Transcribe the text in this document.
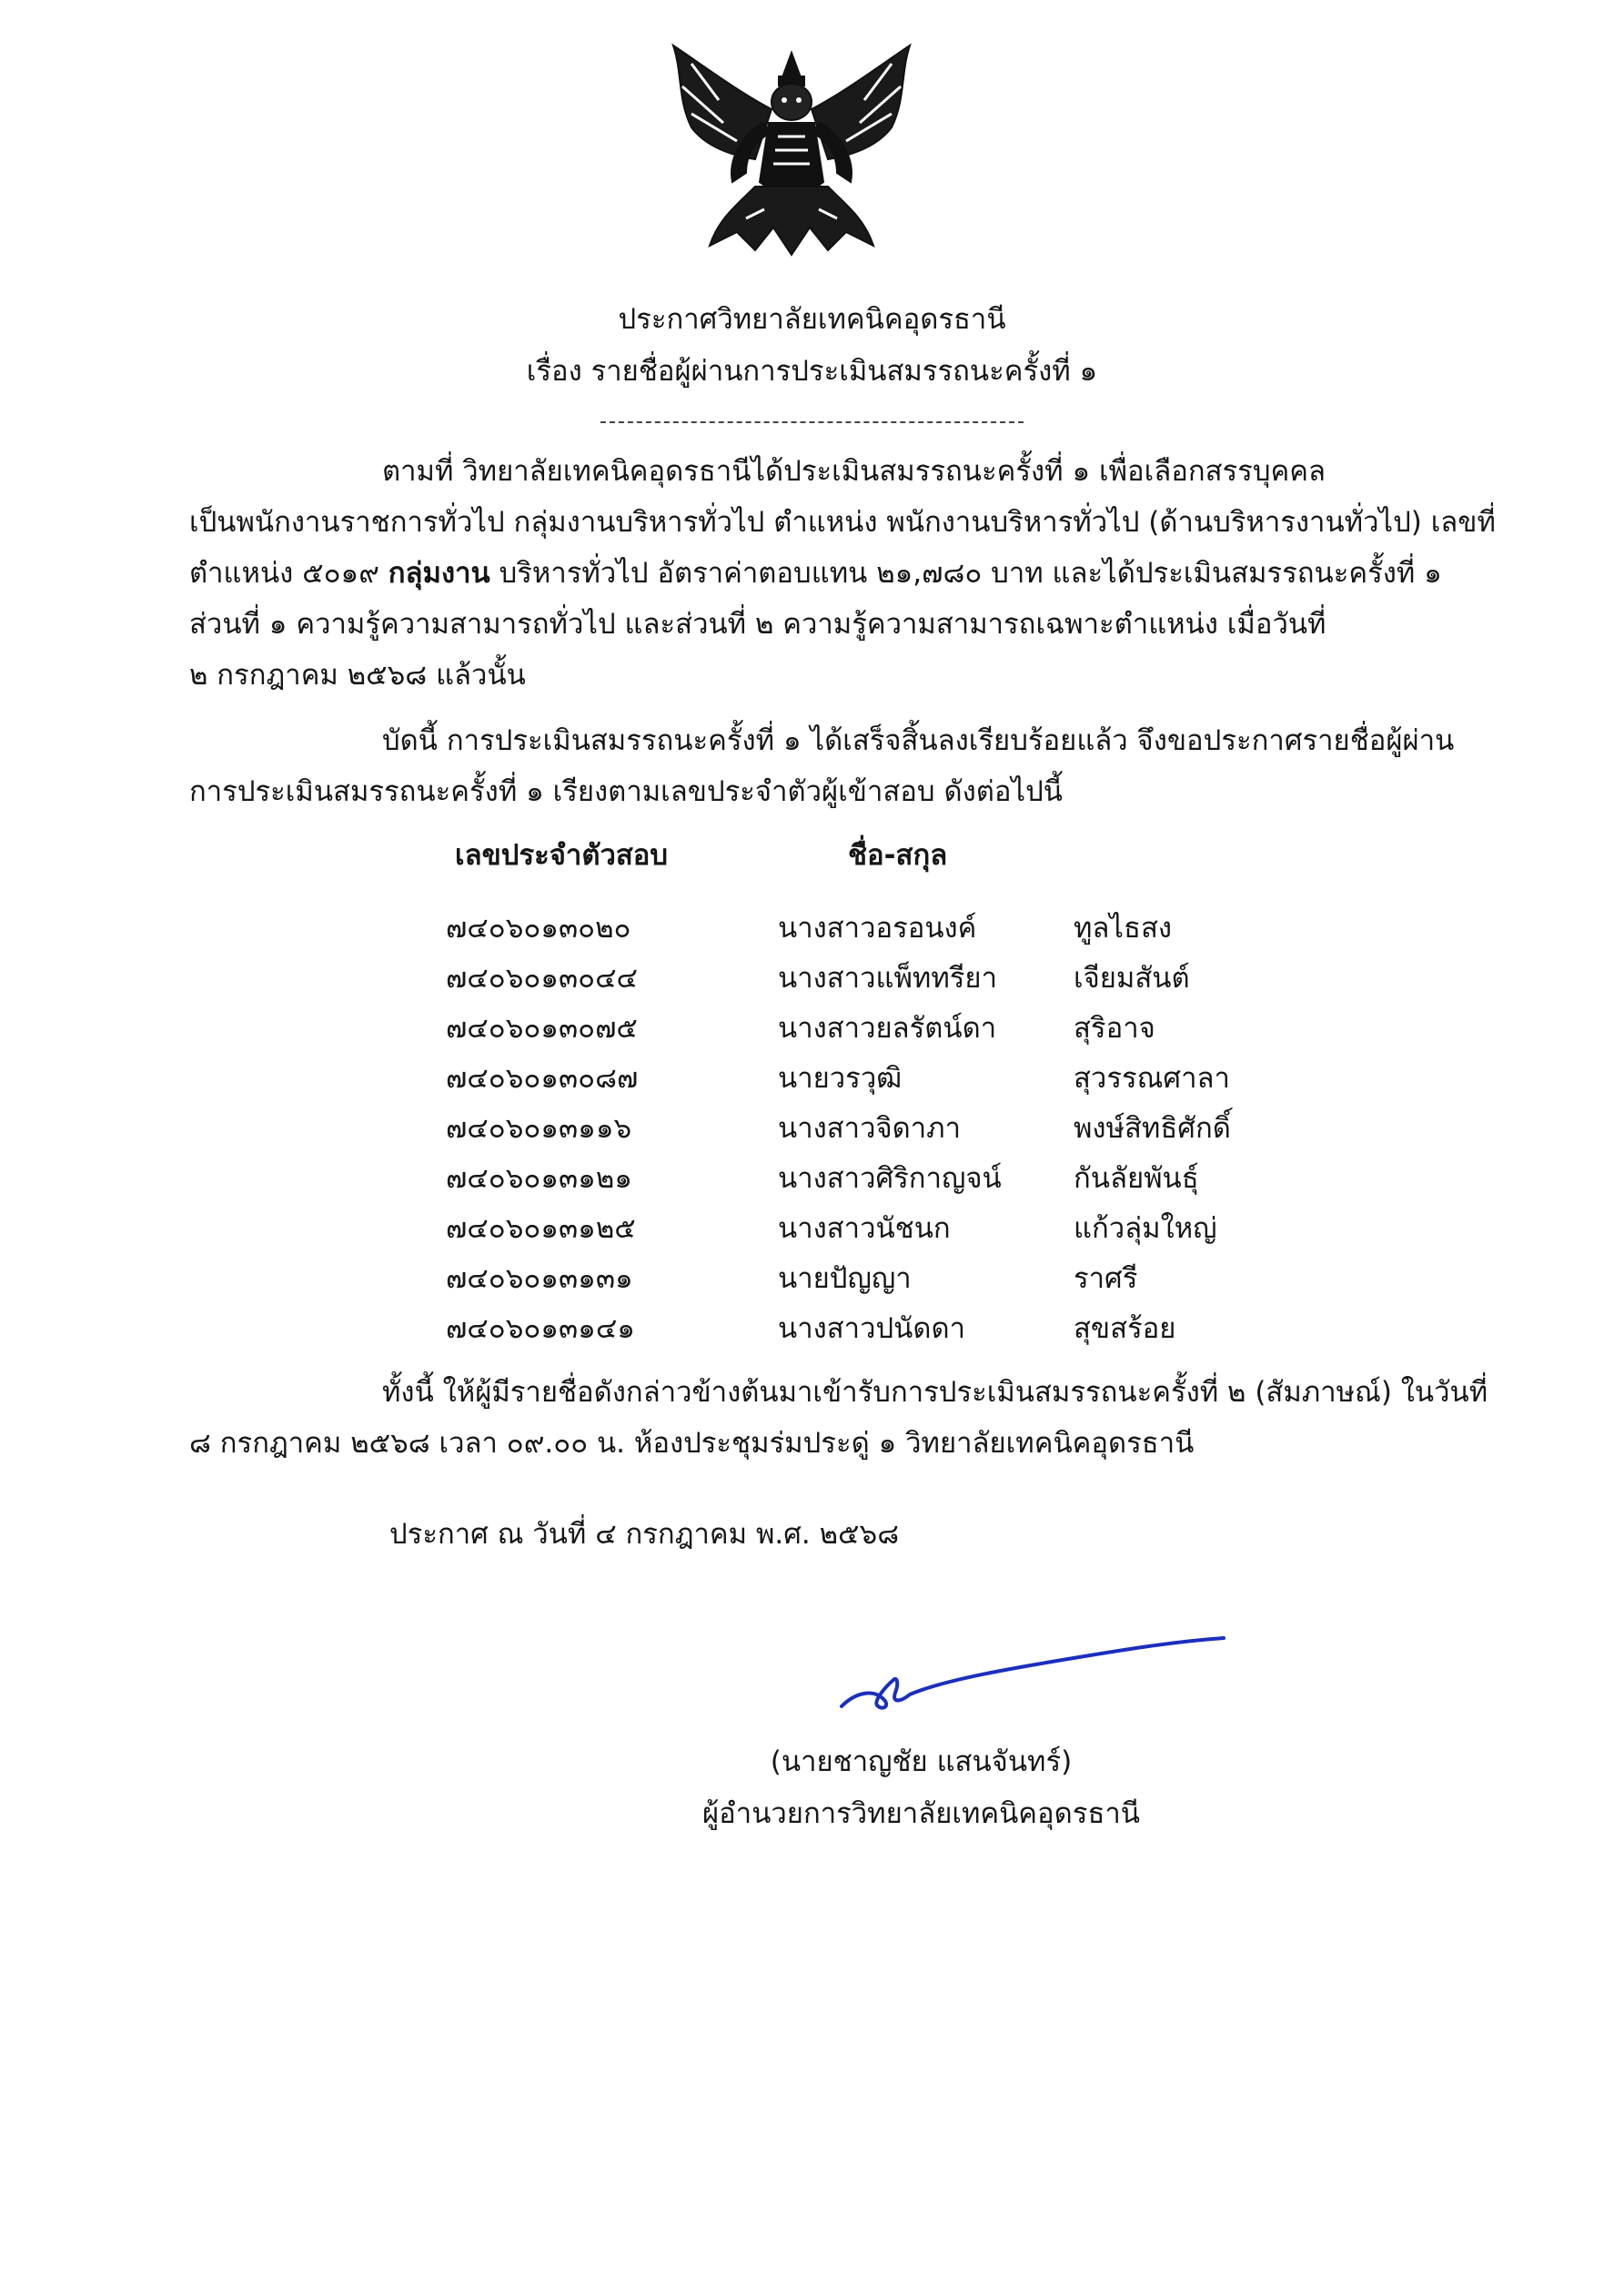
ประกาศวิทยาลัยเทคนิคอุดรธานี
เรื่อง รายชื่อผู้ผ่านการประเมินสมรรถนะครั้งที่ ๑
ตามที่ วิทยาลัยเทคนิคอุดรธานีได้ประเมินสมรรถนะครั้งที่ ๑ เพื่อเลือกสรรบุคคล
เป็นพนักงานราชการทั่วไป กลุ่มงานบริหารทั่วไป ตำแหน่ง พนักงานบริหารทั่วไป (ด้านบริหารงานทั่วไป) เลขที่
ตำแหน่ง ๕๐๑๙ กลุ่มงาน บริหารทั่วไป อัตราค่าตอบแทน ๒๑,๗๘๐ บาท และได้ประเมินสมรรถนะครั้งที่ ๑
ส่วนที่ ๑ ความรู้ความสามารถทั่วไป และส่วนที่ ๒ ความรู้ความสามารถเฉพาะตำแหน่ง เมื่อวันที่
๒ กรกฎาคม ๒๕๖๘ แล้วนั้น
บัดนี้ การประเมินสมรรถนะครั้งที่ ๑ ได้เสร็จสิ้นลงเรียบร้อยแล้ว จึงขอประกาศรายชื่อผู้ผ่าน
การประเมินสมรรถนะครั้งที่ ๑ เรียงตามเลขประจำตัวผู้เข้าสอบ ดังต่อไปนี้
เลขประจำตัวสอบ	ชื่อ-สกุล
๗๔๐๖๐๑๓๐๒๐	นางสาวอรอนงค์	ทูลไธสง
๗๔๐๖๐๑๓๐๔๔	นางสาวแพ็ททรียา	เจียมสันต์
๗๔๐๖๐๑๓๐๗๕	นางสาวยลรัตน์ดา	สุริอาจ
๗๔๐๖๐๑๓๐๘๗	นายวรวุฒิ	สุวรรณศาลา
๗๔๐๖๐๑๓๑๑๖	นางสาวจิดาภา	พงษ์สิทธิศักดิ์
๗๔๐๖๐๑๓๑๒๑	นางสาวศิริกาญจน์	กันลัยพันธุ์
๗๔๐๖๐๑๓๑๒๕	นางสาวนัชนก	แก้วลุ่มใหญ่
๗๔๐๖๐๑๓๑๓๑	นายปัญญา	ราศรี
๗๔๐๖๐๑๓๑๔๑	นางสาวปนัดดา	สุขสร้อย
ทั้งนี้ ให้ผู้มีรายชื่อดังกล่าวข้างต้นมาเข้ารับการประเมินสมรรถนะครั้งที่ ๒ (สัมภาษณ์) ในวันที่
๘ กรกฎาคม ๒๕๖๘ เวลา ๐๙.๐๐ น. ห้องประชุมร่มประดู่ ๑ วิทยาลัยเทคนิคอุดรธานี
ประกาศ ณ วันที่ ๔ กรกฎาคม พ.ศ. ๒๕๖๘
(นายชาญชัย แสนจันทร์)
ผู้อำนวยการวิทยาลัยเทคนิคอุดรธานี
